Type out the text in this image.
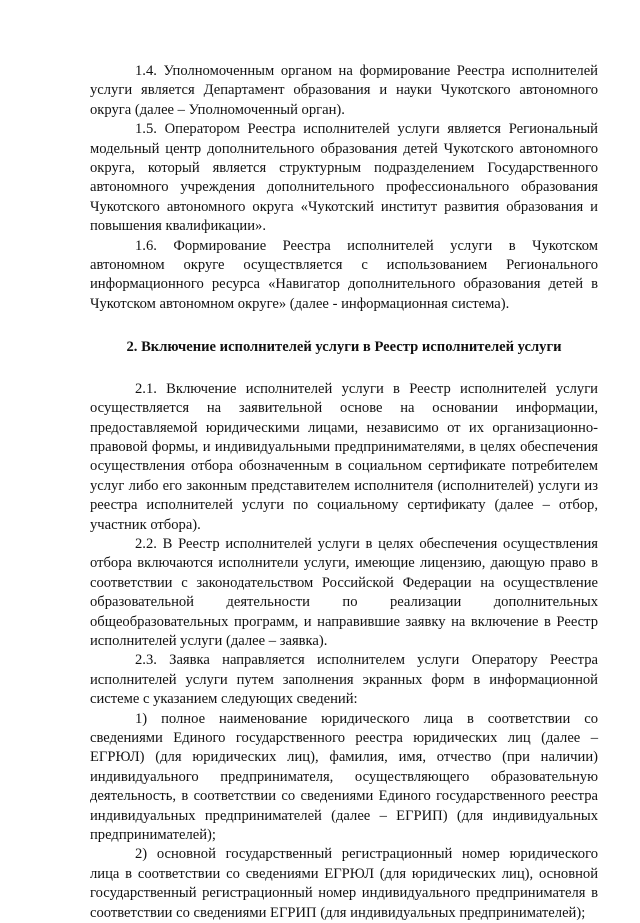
1.4. Уполномоченным органом на формирование Реестра исполнителей услуги является Департамент образования и науки Чукотского автономного округа (далее – Уполномоченный орган).

1.5. Оператором Реестра исполнителей услуги является Региональный модельный центр дополнительного образования детей Чукотского автономного округа, который является структурным подразделением Государственного автономного учреждения дополнительного профессионального образования Чукотского автономного округа «Чукотский институт развития образования и повышения квалификации».

1.6. Формирование Реестра исполнителей услуги в Чукотском автономном округе осуществляется с использованием Регионального информационного ресурса «Навигатор дополнительного образования детей в Чукотском автономном округе» (далее - информационная система).

2. Включение исполнителей услуги в Реестр исполнителей услуги

2.1. Включение исполнителей услуги в Реестр исполнителей услуги осуществляется на заявительной основе на основании информации, предоставляемой юридическими лицами, независимо от их организационно-правовой формы, и индивидуальными предпринимателями, в целях обеспечения осуществления отбора обозначенным в социальном сертификате потребителем услуг либо его законным представителем исполнителя (исполнителей) услуги из реестра исполнителей услуги по социальному сертификату (далее – отбор, участник отбора).

2.2. В Реестр исполнителей услуги в целях обеспечения осуществления отбора включаются исполнители услуги, имеющие лицензию, дающую право в соответствии с законодательством Российской Федерации на осуществление образовательной деятельности по реализации дополнительных общеобразовательных программ, и направившие заявку на включение в Реестр исполнителей услуги (далее – заявка).

2.3. Заявка направляется исполнителем услуги Оператору Реестра исполнителей услуги путем заполнения экранных форм в информационной системе с указанием следующих сведений:

1) полное наименование юридического лица в соответствии со сведениями Единого государственного реестра юридических лиц (далее – ЕГРЮЛ) (для юридических лиц), фамилия, имя, отчество (при наличии) индивидуального предпринимателя, осуществляющего образовательную деятельность, в соответствии со сведениями Единого государственного реестра индивидуальных предпринимателей (далее – ЕГРИП) (для индивидуальных предпринимателей);

2) основной государственный регистрационный номер юридического лица в соответствии со сведениями ЕГРЮЛ (для юридических лиц), основной государственный регистрационный номер индивидуального предпринимателя в соответствии со сведениями ЕГРИП (для индивидуальных предпринимателей);
